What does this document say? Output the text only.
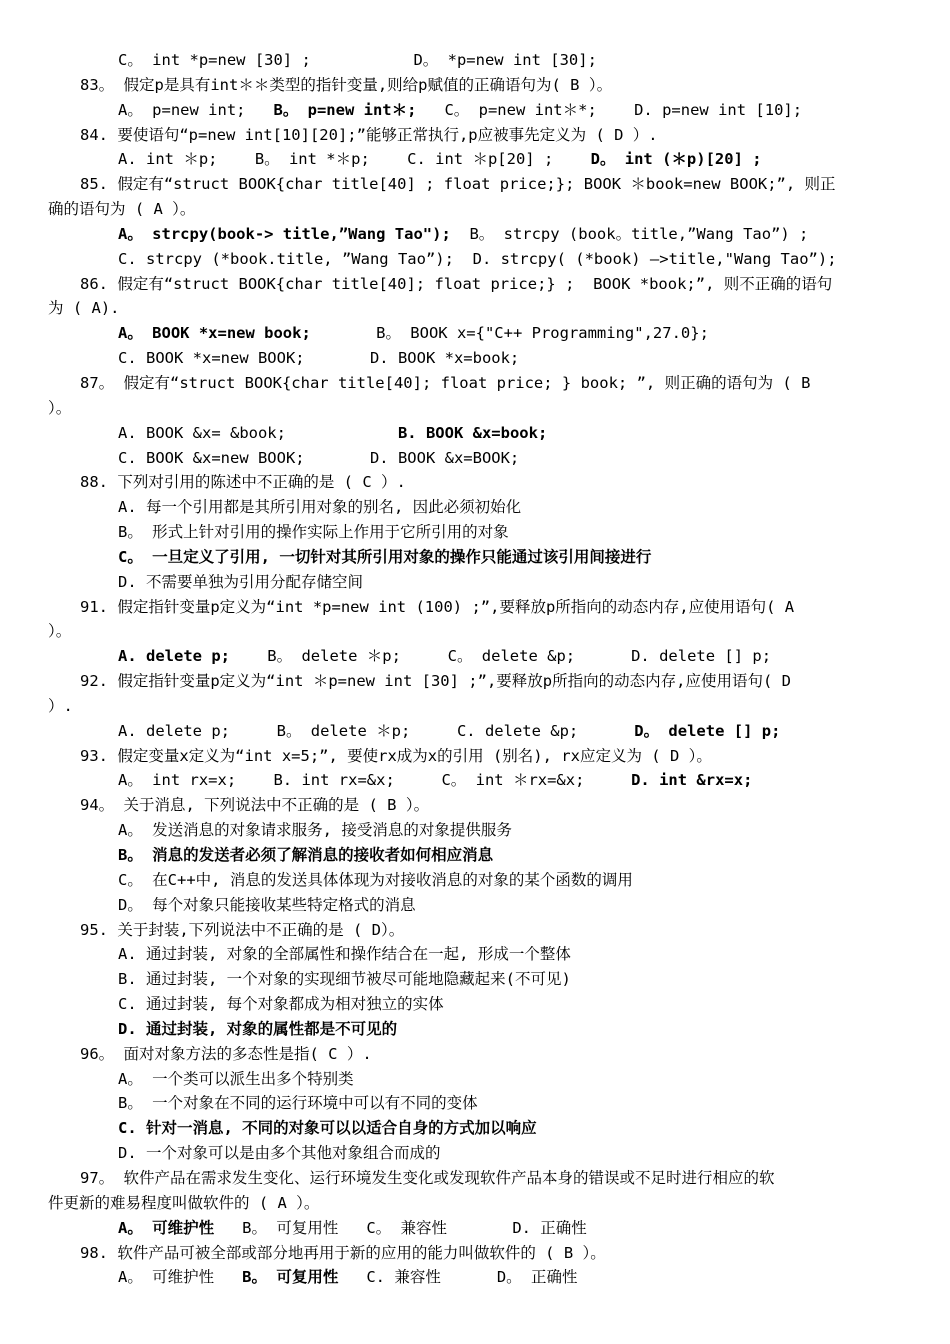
C。 int *p=new [30] ;           D。 *p=new int [30];
83。 假定p是具有int＊＊类型的指针变量,则给p赋值的正确语句为( B ）。
A。 p=new int;   B。 p=new int＊;   C。 p=new int＊*;    D. p=new int [10];
84. 要使语句“p=new int[10][20];”能够正常执行,p应被事先定义为 ( D ）.
A. int ＊p;    B。 int *＊p;    C. int ＊p[20] ;    D。 int (＊p)[20] ;
85. 假定有“struct BOOK{char title[40] ; float price;}; BOOK ＊book=new BOOK;”, 则正
确的语句为 ( A ）。
A。 strcpy(book-> title,”Wang Tao");  B。 strcpy (book。title,”Wang Tao”) ;
C. strcpy (*book.title, ”Wang Tao”);  D. strcpy( (*book) —>title,"Wang Tao”);
86. 假定有“struct BOOK{char title[40]; float price;} ;  BOOK *book;”, 则不正确的语句
为 ( A).
A。 BOOK *x=new book;       B。 BOOK x={"C++ Programming",27.0};
C. BOOK *x=new BOOK;       D. BOOK *x=book;
87。 假定有“struct BOOK{char title[40]; float price; } book; ”, 则正确的语句为 ( B
）。
A. BOOK &x= &book;            B. BOOK &x=book;
C. BOOK &x=new BOOK;       D. BOOK &x=BOOK;
88. 下列对引用的陈述中不正确的是 ( C ）.
A. 每一个引用都是其所引用对象的别名, 因此必须初始化
B。 形式上针对引用的操作实际上作用于它所引用的对象
C。 一旦定义了引用, 一切针对其所引用对象的操作只能通过该引用间接进行
D. 不需要单独为引用分配存储空间
91. 假定指针变量p定义为“int *p=new int (100) ;”,要释放p所指向的动态内存,应使用语句( A
）。
A. delete p;    B。 delete ＊p;     C。 delete &p;      D. delete [] p;
92. 假定指针变量p定义为“int ＊p=new int [30] ;”,要释放p所指向的动态内存,应使用语句( D
）.
A. delete p;     B。 delete ＊p;     C. delete &p;      D。 delete [] p;
93. 假定变量x定义为“int x=5;”, 要使rx成为x的引用 (别名), rx应定义为 ( D ）。
A。 int rx=x;    B. int rx=&x;     C。 int ＊rx=&x;     D. int &rx=x;
94。 关于消息, 下列说法中不正确的是 ( B ）。
A。 发送消息的对象请求服务, 接受消息的对象提供服务
B。 消息的发送者必须了解消息的接收者如何相应消息
C。 在C++中, 消息的发送具体体现为对接收消息的对象的某个函数的调用
D。 每个对象只能接收某些特定格式的消息
95. 关于封装,下列说法中不正确的是 ( D）。
A. 通过封装, 对象的全部属性和操作结合在一起, 形成一个整体
B. 通过封装, 一个对象的实现细节被尽可能地隐藏起来(不可见)
C. 通过封装, 每个对象都成为相对独立的实体
D. 通过封装, 对象的属性都是不可见的
96。 面对对象方法的多态性是指( C ）.
A。 一个类可以派生出多个特别类
B。 一个对象在不同的运行环境中可以有不同的变体
C. 针对一消息, 不同的对象可以以适合自身的方式加以响应
D. 一个对象可以是由多个其他对象组合而成的
97。 软件产品在需求发生变化、运行环境发生变化或发现软件产品本身的错误或不足时进行相应的软
件更新的难易程度叫做软件的 ( A ）。
A。 可维护性   B。 可复用性   C。 兼容性       D. 正确性
98. 软件产品可被全部或部分地再用于新的应用的能力叫做软件的 ( B ）。
A。 可维护性   B。 可复用性   C. 兼容性      D。 正确性
